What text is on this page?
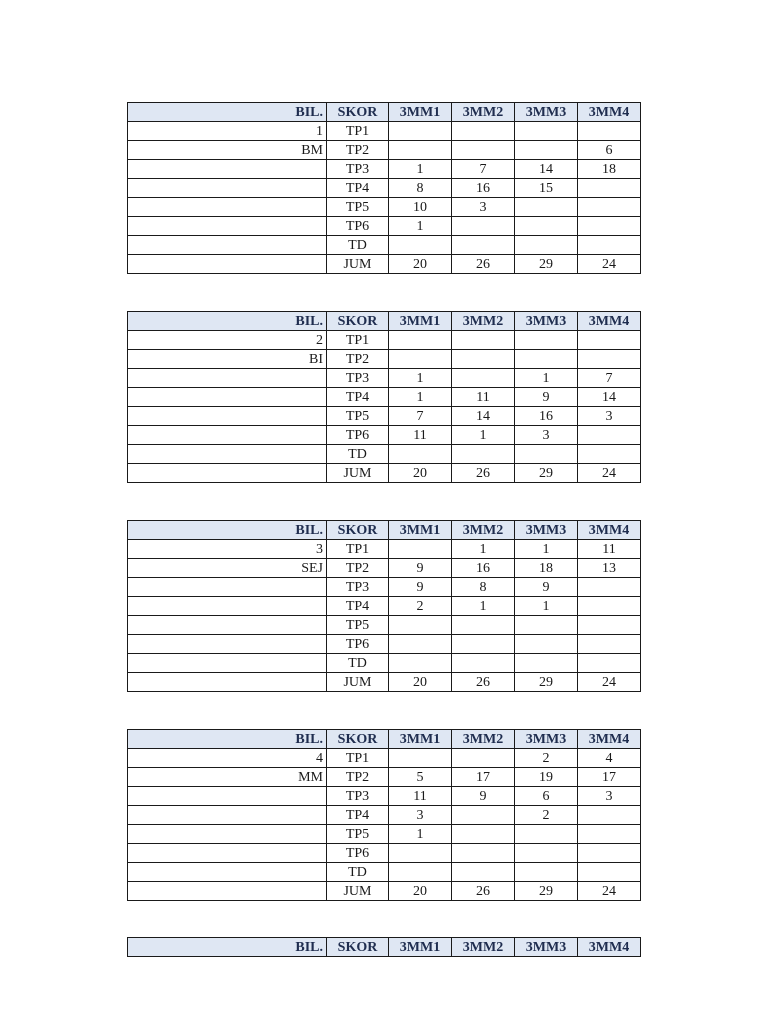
BIL.	SKOR	3MM1	3MM2	3MM3	3MM4
1	TP1				
BM	TP2				6
	TP3	1	7	14	18
	TP4	8	16	15	
	TP5	10	3		
	TP6	1			
	TD				
	JUM	20	26	29	24
BIL.	SKOR	3MM1	3MM2	3MM3	3MM4
2	TP1				
BI	TP2				
	TP3	1		1	7
	TP4	1	11	9	14
	TP5	7	14	16	3
	TP6	11	1	3	
	TD				
	JUM	20	26	29	24
BIL.	SKOR	3MM1	3MM2	3MM3	3MM4
3	TP1		1	1	11
SEJ	TP2	9	16	18	13
	TP3	9	8	9	
	TP4	2	1	1	
	TP5				
	TP6				
	TD				
	JUM	20	26	29	24
BIL.	SKOR	3MM1	3MM2	3MM3	3MM4
4	TP1			2	4
MM	TP2	5	17	19	17
	TP3	11	9	6	3
	TP4	3		2	
	TP5	1			
	TP6				
	TD				
	JUM	20	26	29	24
BIL.	SKOR	3MM1	3MM2	3MM3	3MM4
